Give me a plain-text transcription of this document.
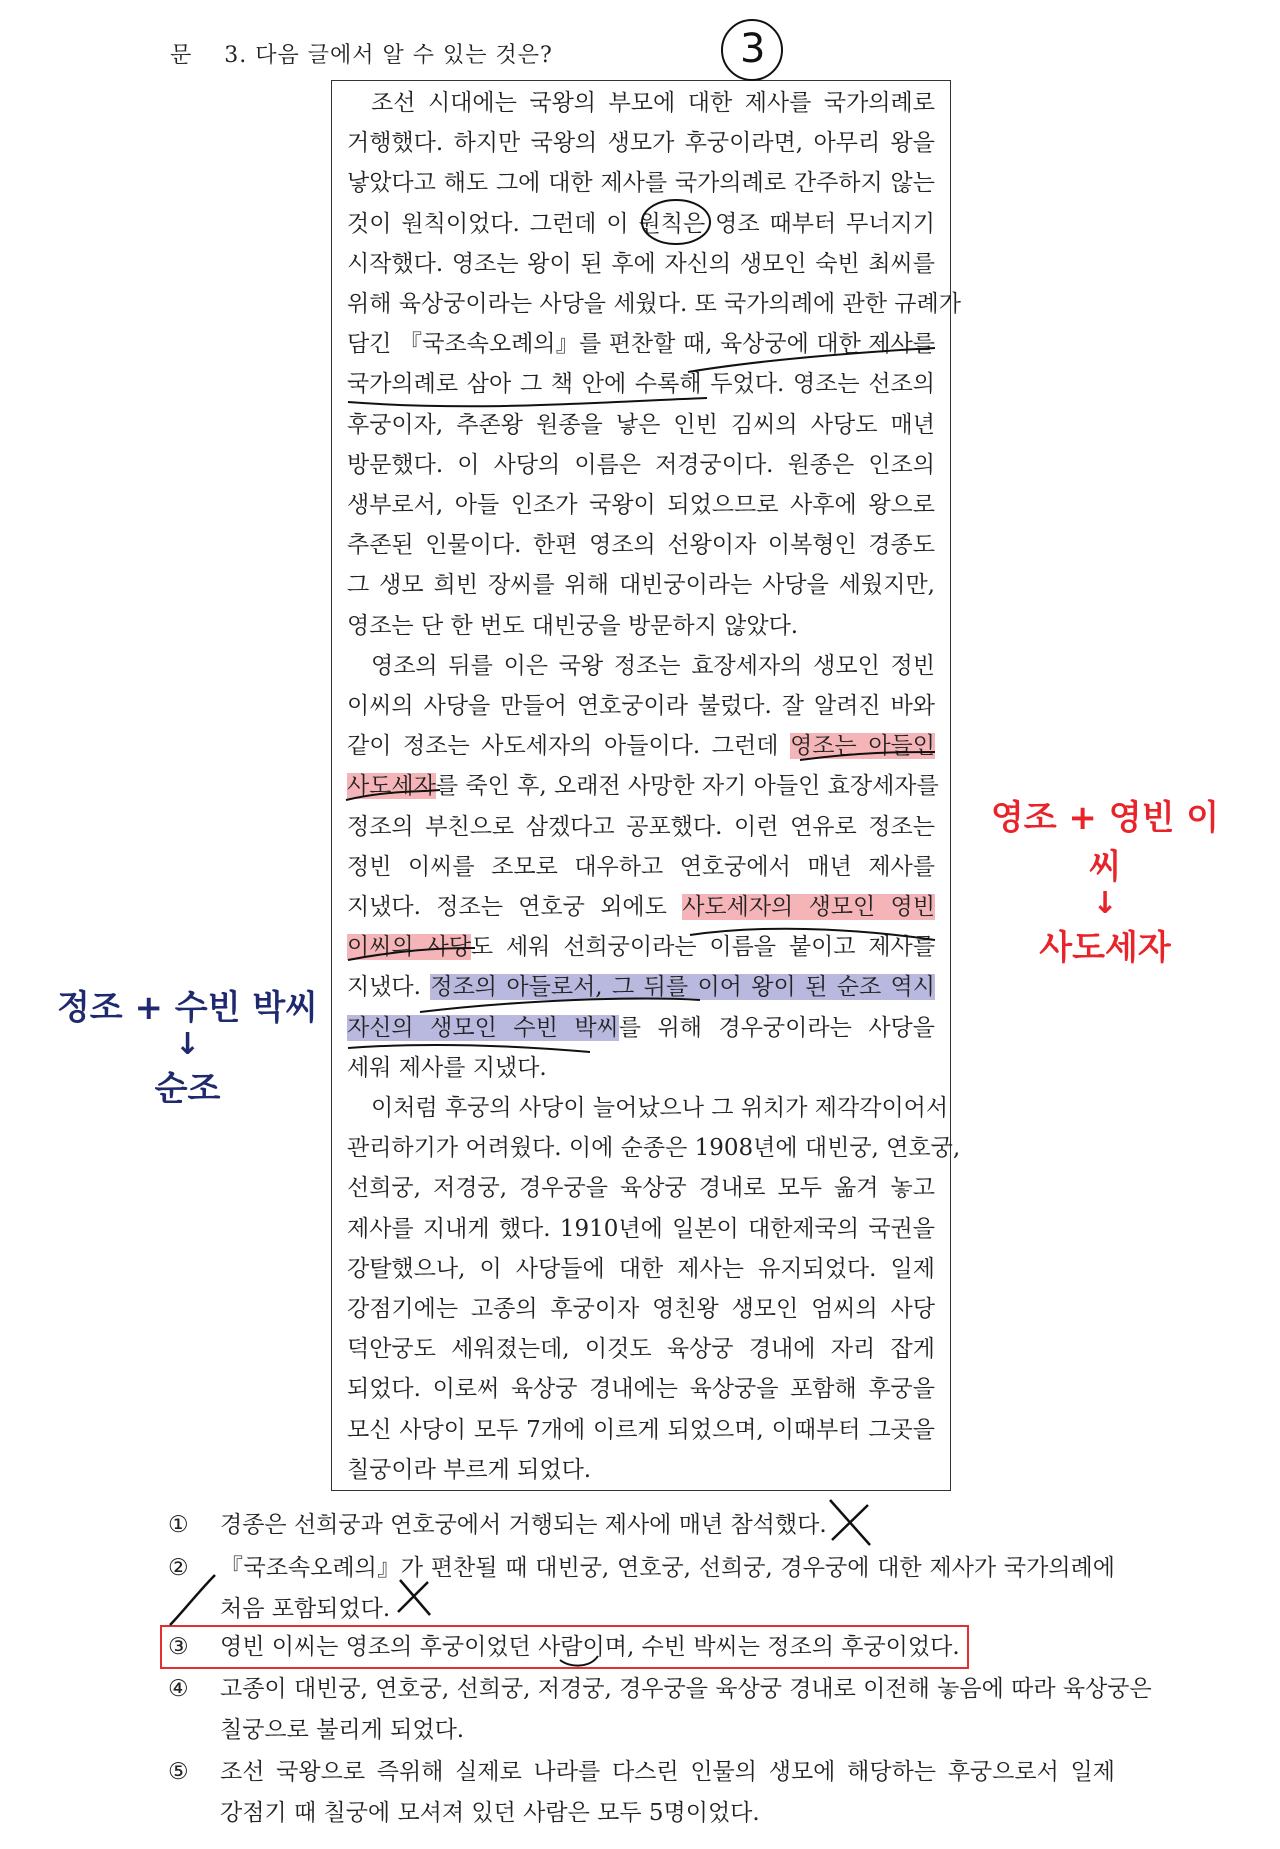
문 3. 다음 글에서 알 수 있는 것은?	3
조선 시대에는 국왕의 부모에 대한 제사를 국가의례로
거행했다. 하지만 국왕의 생모가 후궁이라면, 아무리 왕을
낳았다고 해도 그에 대한 제사를 국가의례로 간주하지 않는
것이 원칙이었다. 그런데 이 원칙은 영조 때부터 무너지기
시작했다. 영조는 왕이 된 후에 자신의 생모인 숙빈 최씨를
위해 육상궁이라는 사당을 세웠다. 또 국가의례에 관한 규례가
담긴 『국조속오례의』를 편찬할 때, 육상궁에 대한 제사를
국가의례로 삼아 그 책 안에 수록해 두었다. 영조는 선조의
후궁이자, 추존왕 원종을 낳은 인빈 김씨의 사당도 매년
방문했다. 이 사당의 이름은 저경궁이다. 원종은 인조의
생부로서, 아들 인조가 국왕이 되었으므로 사후에 왕으로
추존된 인물이다. 한편 영조의 선왕이자 이복형인 경종도
그 생모 희빈 장씨를 위해 대빈궁이라는 사당을 세웠지만,
영조는 단 한 번도 대빈궁을 방문하지 않았다.
영조의 뒤를 이은 국왕 정조는 효장세자의 생모인 정빈
이씨의 사당을 만들어 연호궁이라 불렀다. 잘 알려진 바와
같이 정조는 사도세자의 아들이다. 그런데 영조는 아들인
사도세자를 죽인 후, 오래전 사망한 자기 아들인 효장세자를
정조의 부친으로 삼겠다고 공포했다. 이런 연유로 정조는
정빈 이씨를 조모로 대우하고 연호궁에서 매년 제사를
지냈다. 정조는 연호궁 외에도 사도세자의 생모인 영빈
이씨의 사당도 세워 선희궁이라는 이름을 붙이고 제사를
지냈다. 정조의 아들로서, 그 뒤를 이어 왕이 된 순조 역시
자신의 생모인 수빈 박씨를 위해 경우궁이라는 사당을
세워 제사를 지냈다.
이처럼 후궁의 사당이 늘어났으나 그 위치가 제각각이어서
관리하기가 어려웠다. 이에 순종은 1908년에 대빈궁, 연호궁,
선희궁, 저경궁, 경우궁을 육상궁 경내로 모두 옮겨 놓고
제사를 지내게 했다. 1910년에 일본이 대한제국의 국권을
강탈했으나, 이 사당들에 대한 제사는 유지되었다. 일제
강점기에는 고종의 후궁이자 영친왕 생모인 엄씨의 사당
덕안궁도 세워졌는데, 이것도 육상궁 경내에 자리 잡게
되었다. 이로써 육상궁 경내에는 육상궁을 포함해 후궁을
모신 사당이 모두 7개에 이르게 되었으며, 이때부터 그곳을
칠궁이라 부르게 되었다.
① 경종은 선희궁과 연호궁에서 거행되는 제사에 매년 참석했다.
② 『국조속오례의』가 편찬될 때 대빈궁, 연호궁, 선희궁, 경우궁에 대한 제사가 국가의례에
처음 포함되었다.
③ 영빈 이씨는 영조의 후궁이었던 사람이며, 수빈 박씨는 정조의 후궁이었다.
④ 고종이 대빈궁, 연호궁, 선희궁, 저경궁, 경우궁을 육상궁 경내로 이전해 놓음에 따라 육상궁은
칠궁으로 불리게 되었다.
⑤ 조선 국왕으로 즉위해 실제로 나라를 다스린 인물의 생모에 해당하는 후궁으로서 일제
강점기 때 칠궁에 모셔져 있던 사람은 모두 5명이었다.
영조 + 영빈 이씨
↓
사도세자
정조 + 수빈 박씨
↓
순조
